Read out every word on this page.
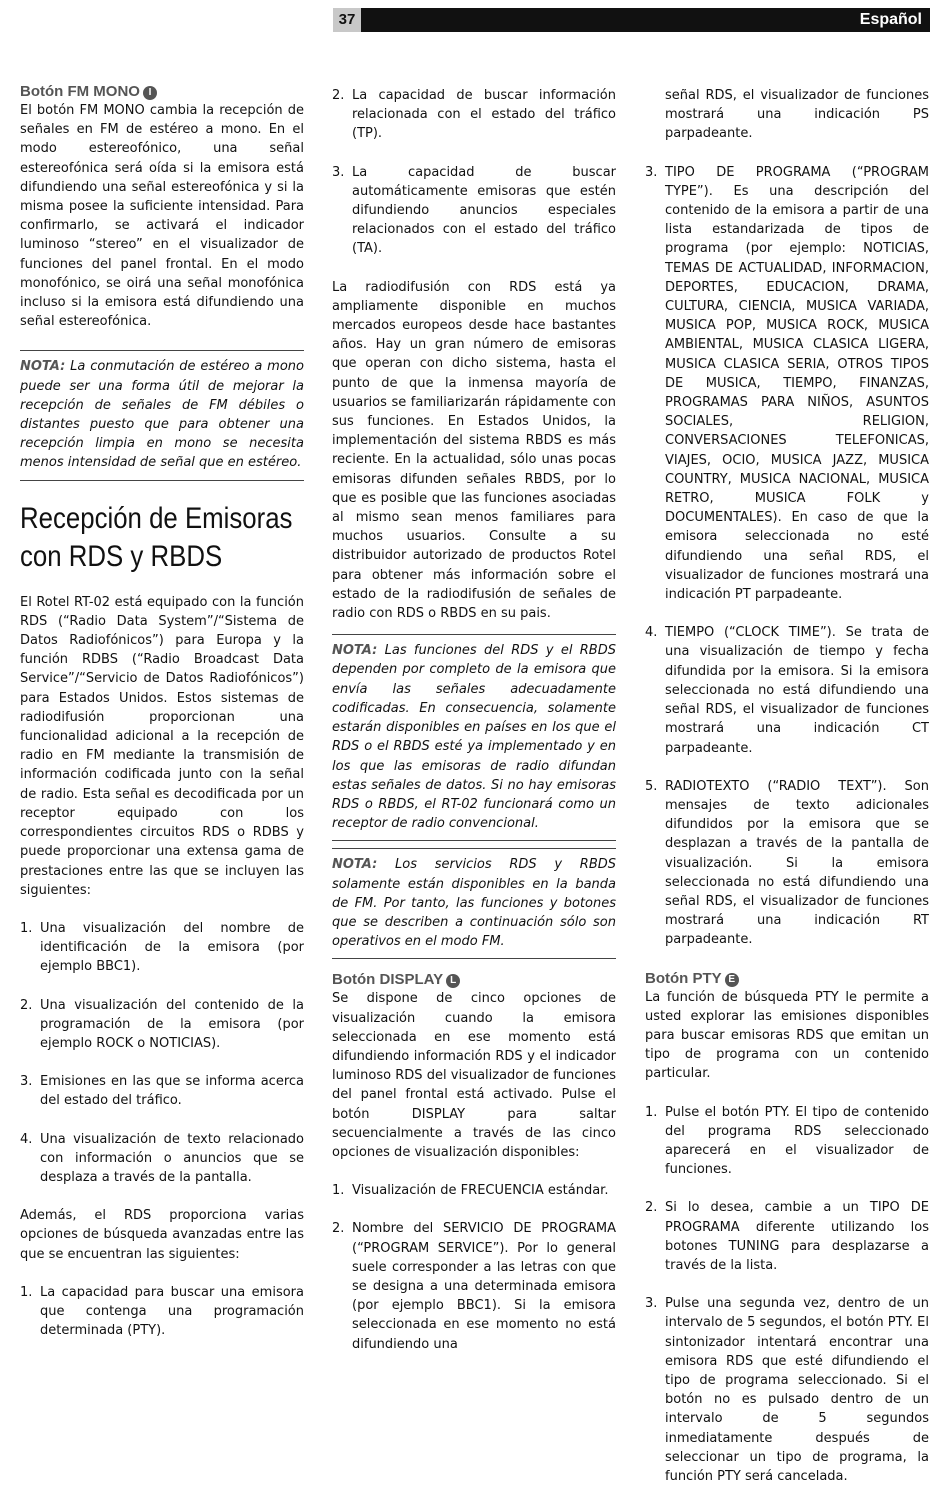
37	Español
Botón FM MONO I

El botón FM MONO cambia la recepción de señales en FM de estéreo a mono. En el modo estereofónico, una señal estereofónica será oída si la emisora está difundiendo una señal estereofónica y si la misma posee la suficiente intensidad. Para confirmarlo, se activará el indicador luminoso “stereo” en el visualizador de funciones del panel frontal. En el modo monofónico, se oirá una señal monofónica incluso si la emisora está difundiendo una señal estereofónica.

NOTA: La conmutación de estéreo a mono puede ser una forma útil de mejorar la recepción de señales de FM débiles o distantes puesto que para obtener una recepción limpia en mono se necesita menos intensidad de señal que en estéreo.
Recepción de Emisoras
con RDS y RBDS

El Rotel RT-02 está equipado con la función RDS (“Radio Data System”/“Sistema de Datos Radiofónicos”) para Europa y la función RDBS (“Radio Broadcast Data Service”/“Servicio de Datos Radiofónicos”) para Estados Unidos. Estos sistemas de radiodifusión proporcionan una funcionalidad adicional a la recepción de radio en FM mediante la transmisión de información codificada junto con la señal de radio. Esta señal es decodificada por un receptor equipado con los correspondientes circuitos RDS o RDBS y puede proporcionar una extensa gama de prestaciones entre las que se incluyen las siguientes:

1. Una visualización del nombre de identificación de la emisora (por ejemplo BBC1).
2. Una visualización del contenido de la programación de la emisora (por ejemplo ROCK o NOTICIAS).
3. Emisiones en las que se informa acerca del estado del tráfico.
4. Una visualización de texto relacionado con información o anuncios que se desplaza a través de la pantalla.

Además, el RDS proporciona varias opciones de búsqueda avanzadas entre las que se encuentran las siguientes:

1. La capacidad para buscar una emisora que contenga una programación determinada (PTY).
2. La capacidad de buscar información relacionada con el estado del tráfico (TP).
3. La capacidad de buscar automáticamente emisoras que estén difundiendo anuncios especiales relacionados con el estado del tráfico (TA).

La radiodifusión con RDS está ya ampliamente disponible en muchos mercados europeos desde hace bastantes años. Hay un gran número de emisoras que operan con dicho sistema, hasta el punto de que la inmensa mayoría de usuarios se familiarizarán rápidamente con sus funciones. En Estados Unidos, la implementación del sistema RBDS es más reciente. En la actualidad, sólo unas pocas emisoras difunden señales RBDS, por lo que es posible que las funciones asociadas al mismo sean menos familiares para muchos usuarios. Consulte a su distribuidor autorizado de productos Rotel para obtener más información sobre el estado de la radiodifusión de señales de radio con RDS o RBDS en su pais.

NOTA: Las funciones del RDS y el RBDS dependen por completo de la emisora que envía las señales adecuadamente codificadas. En consecuencia, solamente estarán disponibles en países en los que el RDS o el RBDS esté ya implementado y en los que las emisoras de radio difundan estas señales de datos. Si no hay emisoras RDS o RBDS, el RT-02 funcionará como un receptor de radio convencional.
NOTA: Los servicios RDS y RBDS solamente están disponibles en la banda de FM. Por tanto, las funciones y botones que se describen a continuación sólo son operativos en el modo FM.
Botón DISPLAY L

Se dispone de cinco opciones de visualización cuando la emisora seleccionada en ese momento está difundiendo información RDS y el indicador luminoso RDS del visualizador de funciones del panel frontal está activado. Pulse el botón DISPLAY para saltar secuencialmente a través de las cinco opciones de visualización disponibles:

1. Visualización de FRECUENCIA estándar.
2. Nombre del SERVICIO DE PROGRAMA (“PROGRAM SERVICE”). Por lo general suele corresponder a las letras con que se designa a una determinada emisora (por ejemplo BBC1). Si la emisora seleccionada en ese momento no está difundiendo una

señal RDS, el visualizador de funciones mostrará una indicación PS parpadeante.

3. TIPO DE PROGRAMA (“PROGRAM TYPE”). Es una descripción del contenido de la emisora a partir de una lista estandarizada de tipos de programa (por ejemplo: NOTICIAS, TEMAS DE ACTUALIDAD, INFORMACION, DEPORTES, EDUCACION, DRAMA, CULTURA, CIENCIA, MUSICA VARIADA, MUSICA POP, MUSICA ROCK, MUSICA AMBIENTAL, MUSICA CLASICA LIGERA, MUSICA CLASICA SERIA, OTROS TIPOS DE MUSICA, TIEMPO, FINANZAS, PROGRAMAS PARA NIÑOS, ASUNTOS SOCIALES, RELIGION, CONVERSACIONES TELEFONICAS, VIAJES, OCIO, MUSICA JAZZ, MUSICA COUNTRY, MUSICA NACIONAL, MUSICA RETRO, MUSICA FOLK y DOCUMENTALES). En caso de que la emisora seleccionada no esté difundiendo una señal RDS, el visualizador de funciones mostrará una indicación PT parpadeante.
4. TIEMPO (“CLOCK TIME”). Se trata de una visualización de tiempo y fecha difundida por la emisora. Si la emisora seleccionada no está difundiendo una señal RDS, el visualizador de funciones mostrará una indicación CT parpadeante.
5. RADIOTEXTO (“RADIO TEXT”). Son mensajes de texto adicionales difundidos por la emisora que se desplazan a través de la pantalla de visualización. Si la emisora seleccionada no está difundiendo una señal RDS, el visualizador de funciones mostrará una indicación RT parpadeante.
Botón PTY E

La función de búsqueda PTY le permite a usted explorar las emisiones disponibles para buscar emisoras RDS que emitan un tipo de programa con un contenido particular.

1. Pulse el botón PTY. El tipo de contenido del programa RDS seleccionado aparecerá en el visualizador de funciones.
2. Si lo desea, cambie a un TIPO DE PROGRAMA diferente utilizando los botones TUNING para desplazarse a través de la lista.
3. Pulse una segunda vez, dentro de un intervalo de 5 segundos, el botón PTY. El sintonizador intentará encontrar una emisora RDS que esté difundiendo el tipo de programa seleccionado. Si el botón no es pulsado dentro de un intervalo de 5 segundos inmediatamente después de seleccionar un tipo de programa, la función PTY será cancelada.
